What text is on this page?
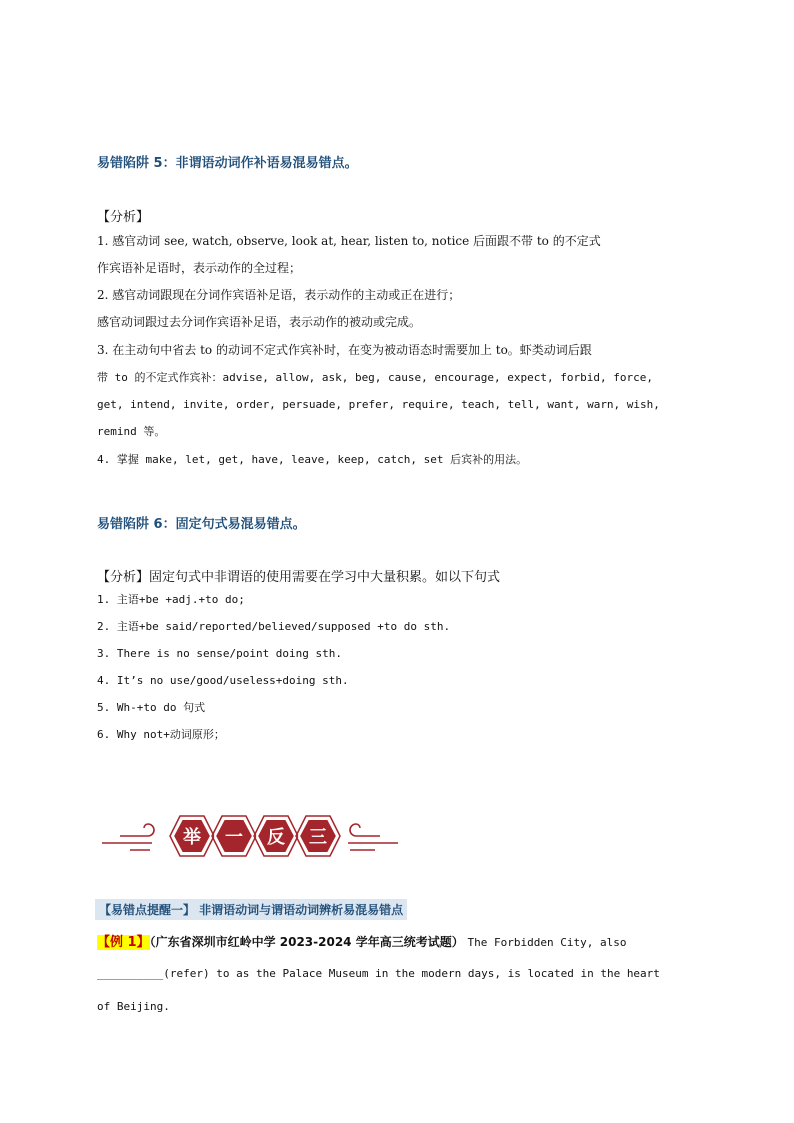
易错陷阱 5：非谓语动词作补语易混易错点。
【分析】
1. 感官动词 see, watch, observe, look at, hear, listen to, notice 后面跟不带 to 的不定式
作宾语补足语时，表示动作的全过程；
2. 感官动词跟现在分词作宾语补足语，表示动作的主动或正在进行；
感官动词跟过去分词作宾语补足语，表示动作的被动或完成。
3. 在主动句中省去 to 的动词不定式作宾补时，在变为被动语态时需要加上 to。虾类动词后跟
带 to 的不定式作宾补：advise, allow, ask, beg, cause, encourage, expect, forbid, force,
get, intend, invite, order, persuade, prefer, require, teach, tell, want, warn, wish,
remind 等。
4. 掌握 make, let, get, have, leave, keep, catch, set 后宾补的用法。
易错陷阱 6：固定句式易混易错点。
【分析】固定句式中非谓语的使用需要在学习中大量积累。如以下句式
1. 主语+be +adj.+to do;
2. 主语+be said/reported/believed/supposed +to do sth.
3. There is no sense/point doing sth.
4. It’s no use/good/useless+doing sth.
5. Wh-+to do 句式
6. Why not+动词原形；
举 一 反 三
【易错点提醒一】 非谓语动词与谓语动词辨析易混易错点
【例 1】（广东省深圳市红岭中学 2023-2024 学年高三统考试题） The Forbidden City, also
__________(refer) to as the Palace Museum in the modern days, is located in the heart
of Beijing.
